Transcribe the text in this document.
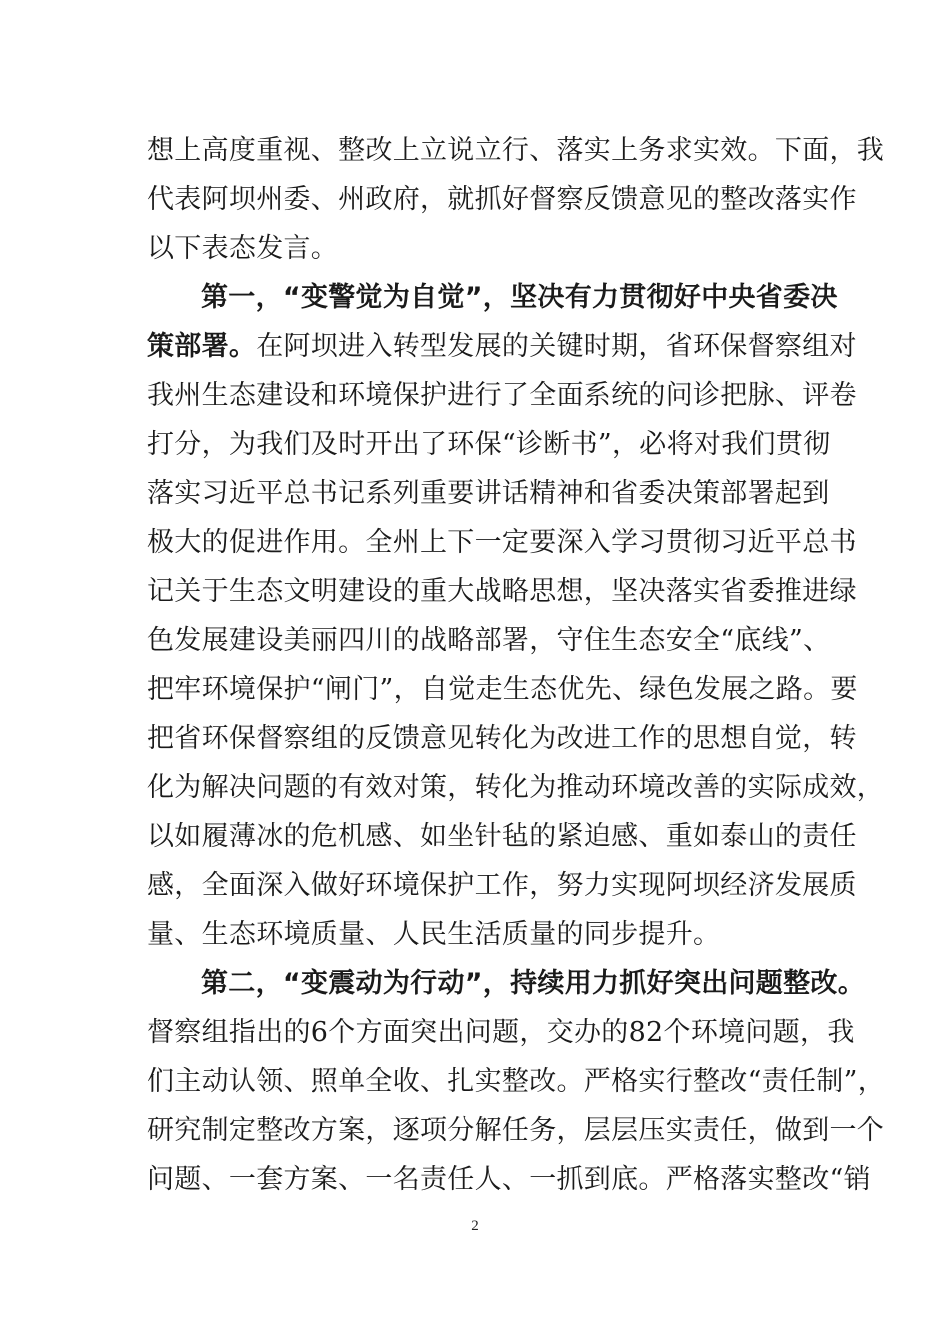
想上高度重视、整改上立说立行、落实上务求实效。下面，我
代表阿坝州委、州政府，就抓好督察反馈意见的整改落实作
以下表态发言。
第一，“变警觉为自觉”，坚决有力贯彻好中央省委决
策部署。在阿坝进入转型发展的关键时期，省环保督察组对
我州生态建设和环境保护进行了全面系统的问诊把脉、评卷
打分，为我们及时开出了环保“诊断书”，必将对我们贯彻
落实习近平总书记系列重要讲话精神和省委决策部署起到
极大的促进作用。全州上下一定要深入学习贯彻习近平总书
记关于生态文明建设的重大战略思想，坚决落实省委推进绿
色发展建设美丽四川的战略部署，守住生态安全“底线”、
把牢环境保护“闸门”，自觉走生态优先、绿色发展之路。要
把省环保督察组的反馈意见转化为改进工作的思想自觉，转
化为解决问题的有效对策，转化为推动环境改善的实际成效，
以如履薄冰的危机感、如坐针毡的紧迫感、重如泰山的责任
感，全面深入做好环境保护工作，努力实现阿坝经济发展质
量、生态环境质量、人民生活质量的同步提升。
第二，“变震动为行动”，持续用力抓好突出问题整改。
督察组指出的6个方面突出问题，交办的82个环境问题，我
们主动认领、照单全收、扎实整改。严格实行整改“责任制”，
研究制定整改方案，逐项分解任务，层层压实责任，做到一个
问题、一套方案、一名责任人、一抓到底。严格落实整改“销
2
